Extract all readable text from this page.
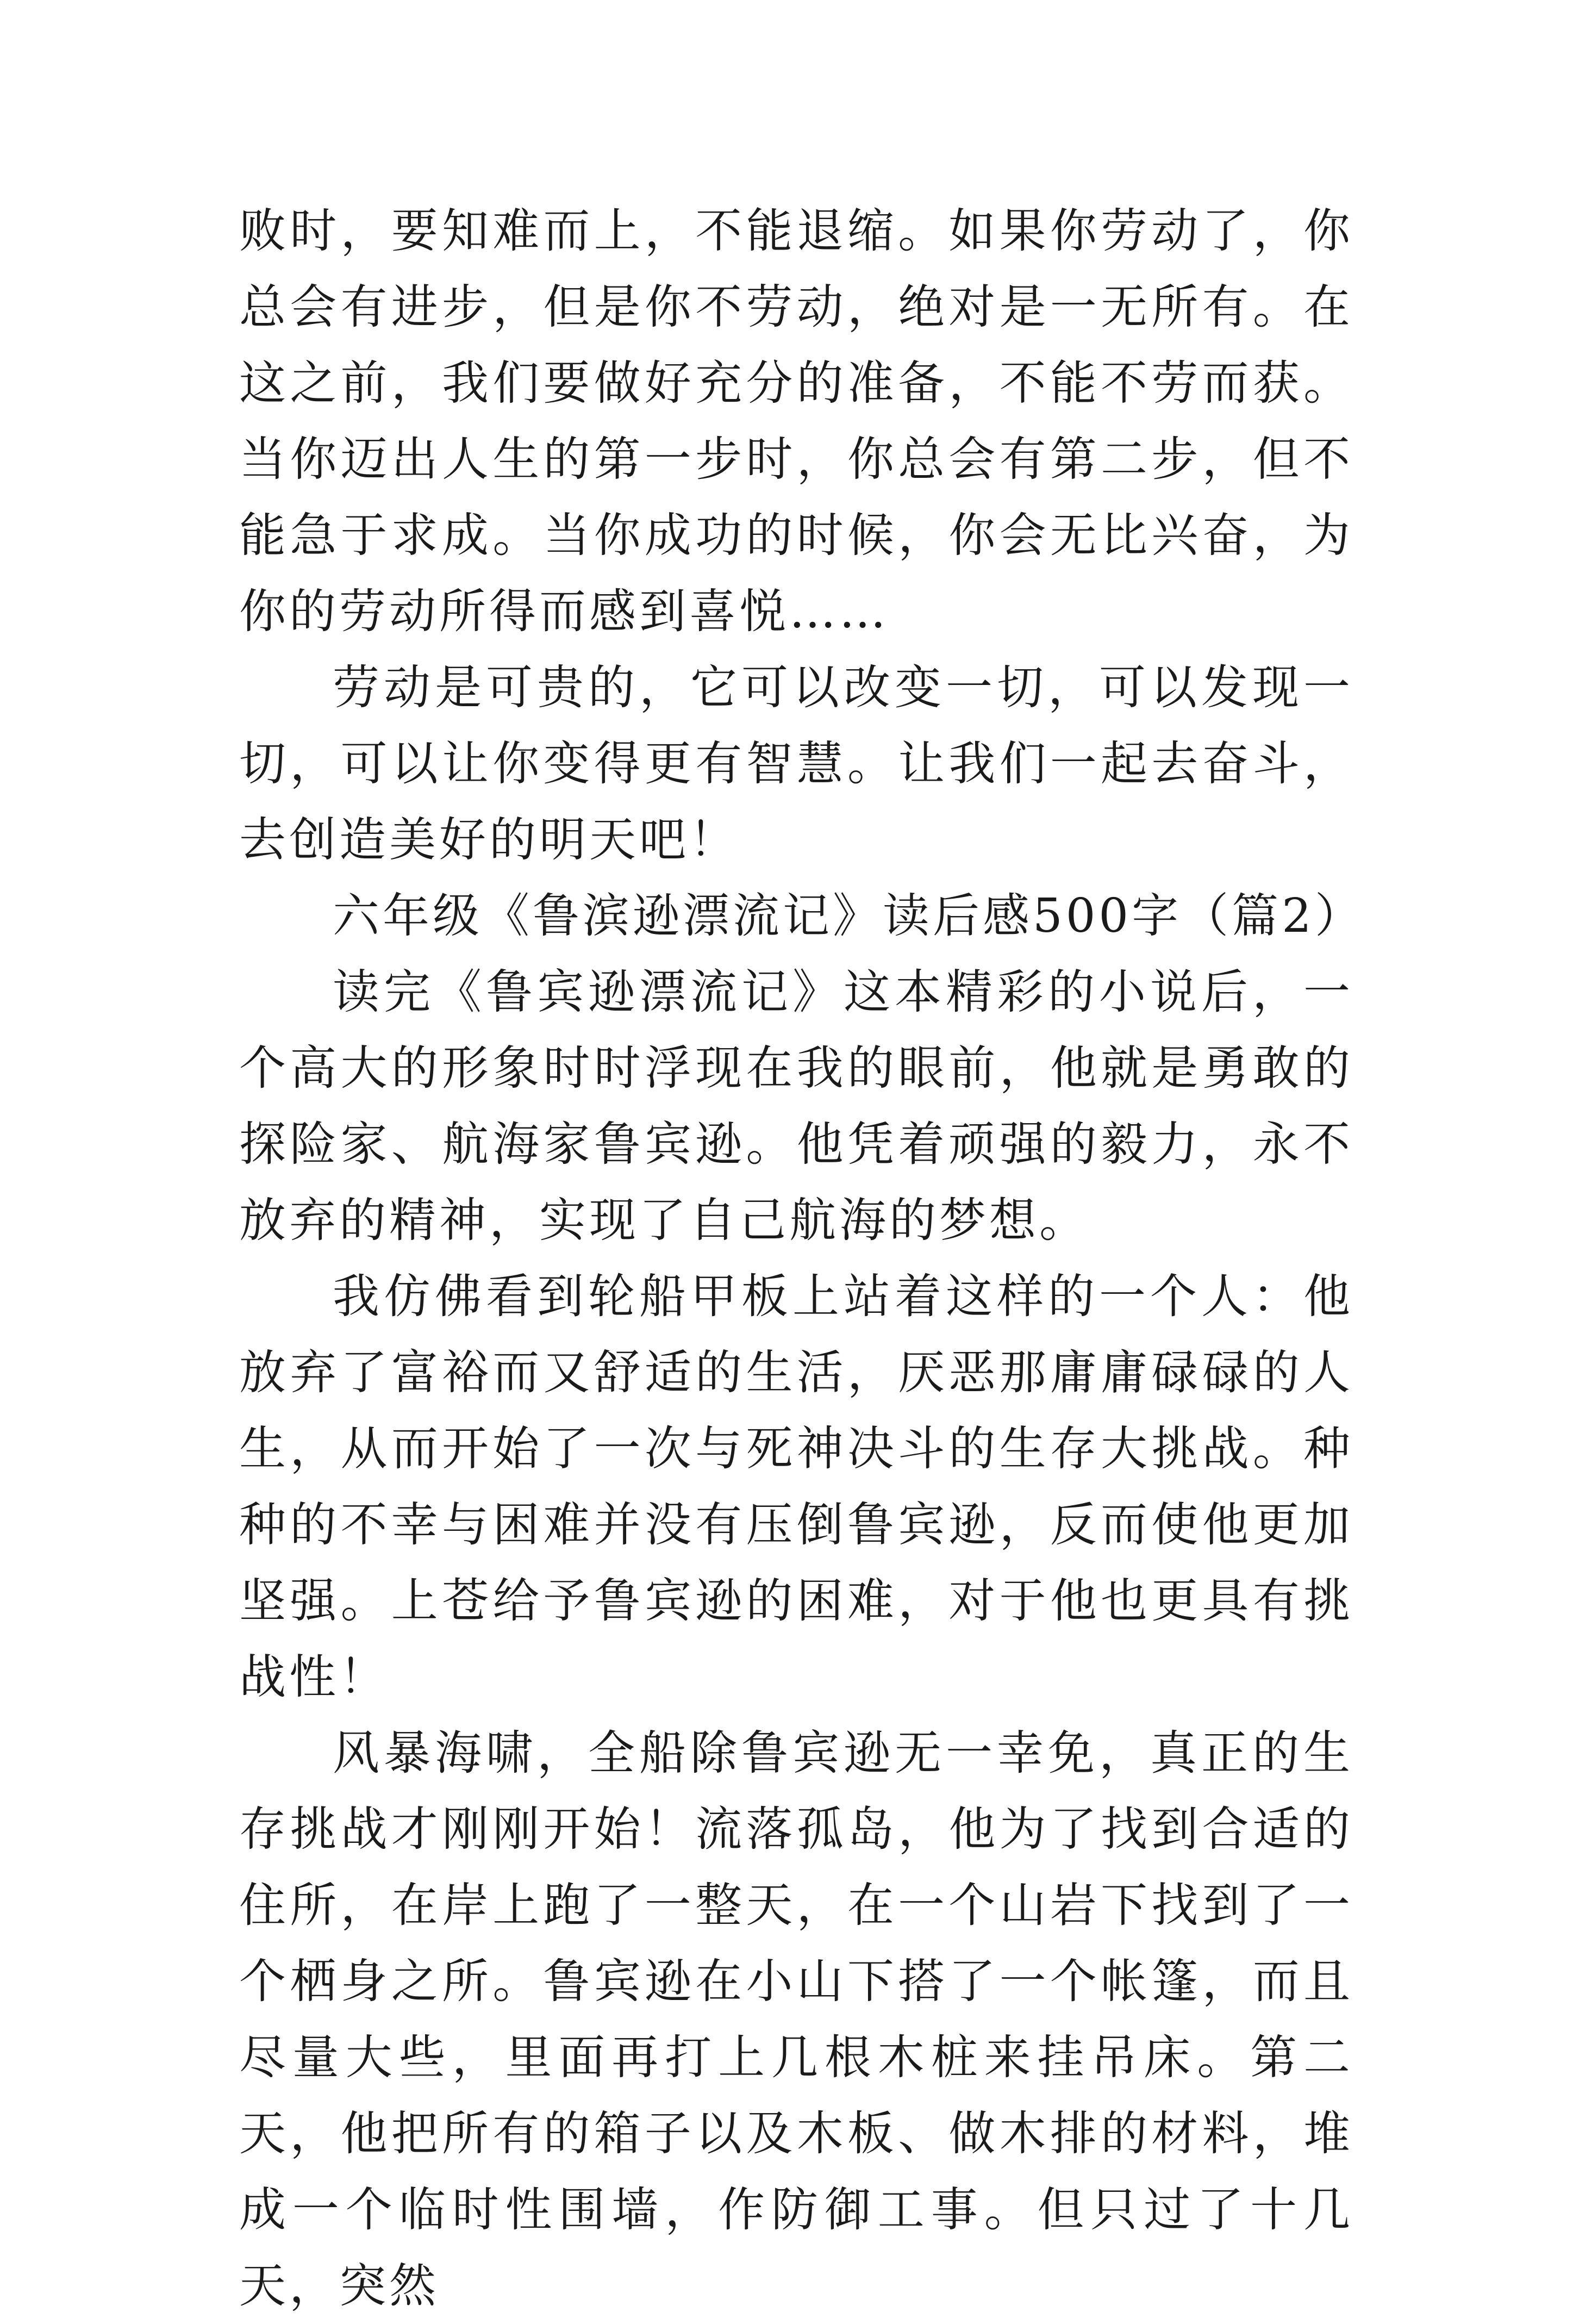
败时，要知难而上，不能退缩。如果你劳动了，你总会有进步，但是你不劳动，绝对是一无所有。在这之前，我们要做好充分的准备，不能不劳而获。当你迈出人生的第一步时，你总会有第二步，但不能急于求成。当你成功的时候，你会无比兴奋，为你的劳动所得而感到喜悦……

劳动是可贵的，它可以改变一切，可以发现一切，可以让你变得更有智慧。让我们一起去奋斗，去创造美好的明天吧！

六年级《鲁滨逊漂流记》读后感500字（篇2）

读完《鲁宾逊漂流记》这本精彩的小说后，一个高大的形象时时浮现在我的眼前，他就是勇敢的探险家、航海家鲁宾逊。他凭着顽强的毅力，永不放弃的精神，实现了自己航海的梦想。

我仿佛看到轮船甲板上站着这样的一个人：他放弃了富裕而又舒适的生活，厌恶那庸庸碌碌的人生，从而开始了一次与死神决斗的生存大挑战。种种的不幸与困难并没有压倒鲁宾逊，反而使他更加坚强。上苍给予鲁宾逊的困难，对于他也更具有挑战性！

风暴海啸，全船除鲁宾逊无一幸免，真正的生存挑战才刚刚开始！流落孤岛，他为了找到合适的住所，在岸上跑了一整天，在一个山岩下找到了一个栖身之所。鲁宾逊在小山下搭了一个帐篷，而且尽量大些，里面再打上几根木桩来挂吊床。第二天，他把所有的箱子以及木板、做木排的材料，堆成一个临时性围墙，作防御工事。但只过了十几天，突然
